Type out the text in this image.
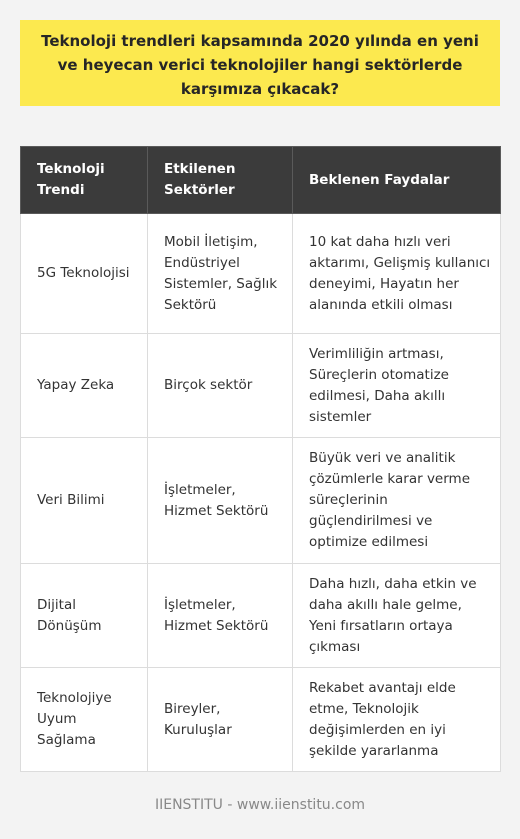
Teknoloji trendleri kapsamında 2020 yılında en yeni ve heyecan verici teknolojiler hangi sektörlerde karşımıza çıkacak?

Teknoloji Trendi	Etkilenen Sektörler	Beklenen Faydalar
5G Teknolojisi	Mobil İletişim, Endüstriyel Sistemler, Sağlık Sektörü	10 kat daha hızlı veri aktarımı, Gelişmiş kullanıcı deneyimi, Hayatın her alanında etkili olması
Yapay Zeka	Birçok sektör	Verimliliğin artması, Süreçlerin otomatize edilmesi, Daha akıllı sistemler
Veri Bilimi	İşletmeler, Hizmet Sektörü	Büyük veri ve analitik çözümlerle karar verme süreçlerinin güçlendirilmesi ve optimize edilmesi
Dijital Dönüşüm	İşletmeler, Hizmet Sektörü	Daha hızlı, daha etkin ve daha akıllı hale gelme, Yeni fırsatların ortaya çıkması
Teknolojiye Uyum Sağlama	Bireyler, Kuruluşlar	Rekabet avantajı elde etme, Teknolojik değişimlerden en iyi şekilde yararlanma
IIENSTITU - www.iienstitu.com
